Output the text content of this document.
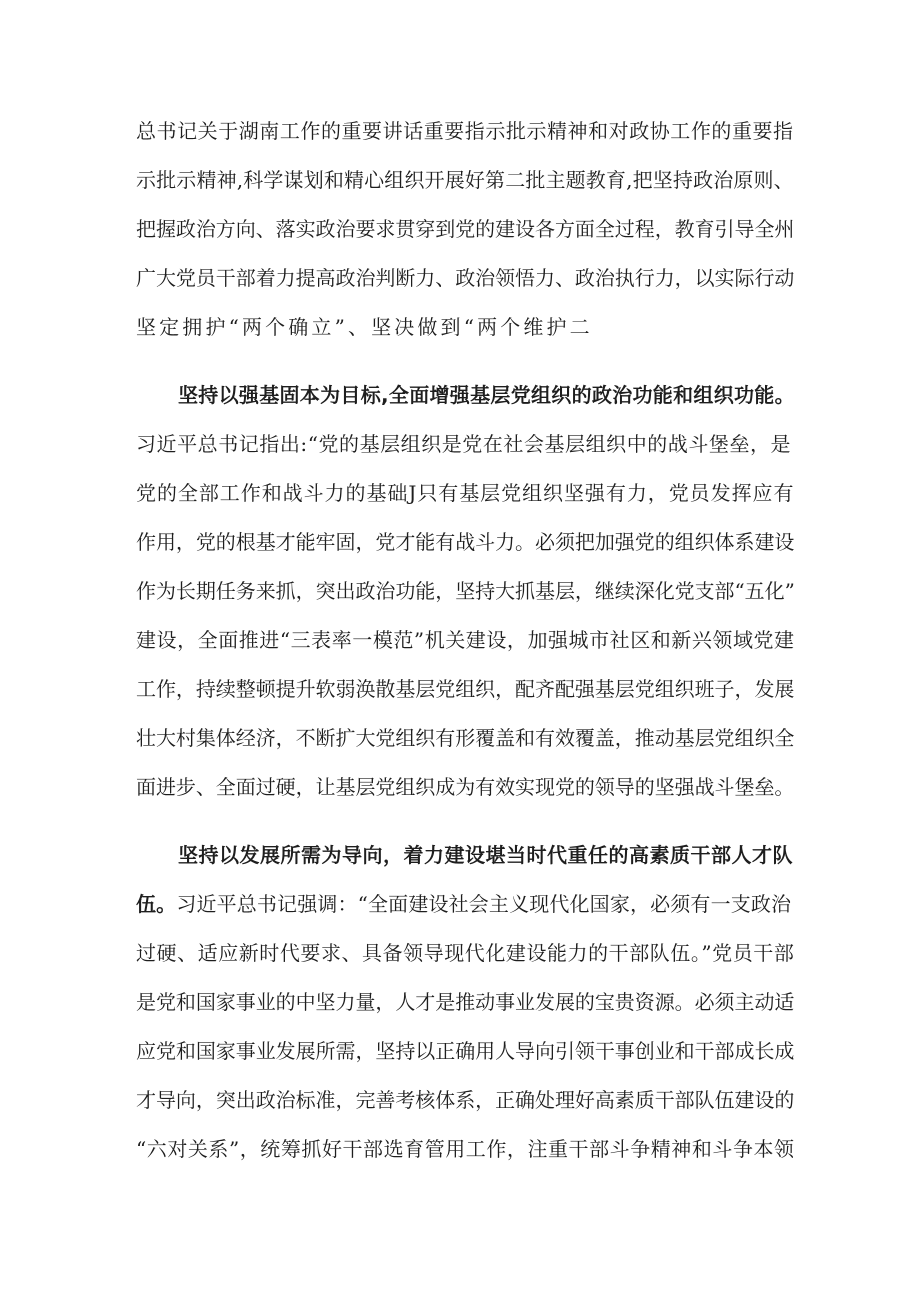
总书记关于湖南工作的重要讲话重要指示批示精神和对政协工作的重要指
示批示精神,科学谋划和精心组织开展好第二批主题教育,把坚持政治原则、
把握政治方向、落实政治要求贯穿到党的建设各方面全过程，教育引导全州
广大党员干部着力提高政治判断力、政治领悟力、政治执行力，以实际行动
坚定拥护“两个确立”、坚决做到“两个维护二
坚持以强基固本为目标,全面增强基层党组织的政治功能和组织功能。
习近平总书记指出:“党的基层组织是党在社会基层组织中的战斗堡垒，是
党的全部工作和战斗力的基础J只有基层党组织坚强有力，党员发挥应有
作用，党的根基才能牢固，党才能有战斗力。必须把加强党的组织体系建设
作为长期任务来抓，突出政治功能，坚持大抓基层，继续深化党支部“五化”
建设，全面推进“三表率一模范”机关建设，加强城市社区和新兴领域党建
工作，持续整顿提升软弱涣散基层党组织，配齐配强基层党组织班子，发展
壮大村集体经济，不断扩大党组织有形覆盖和有效覆盖，推动基层党组织全
面进步、全面过硬，让基层党组织成为有效实现党的领导的坚强战斗堡垒。
坚持以发展所需为导向，着力建设堪当时代重任的高素质干部人才队
伍。习近平总书记强调：“全面建设社会主义现代化国家，必须有一支政治
过硬、适应新时代要求、具备领导现代化建设能力的干部队伍。”党员干部
是党和国家事业的中坚力量，人才是推动事业发展的宝贵资源。必须主动适
应党和国家事业发展所需，坚持以正确用人导向引领干事创业和干部成长成
才导向，突出政治标准，完善考核体系，正确处理好高素质干部队伍建设的
“六对关系”，统筹抓好干部选育管用工作，注重干部斗争精神和斗争本领
